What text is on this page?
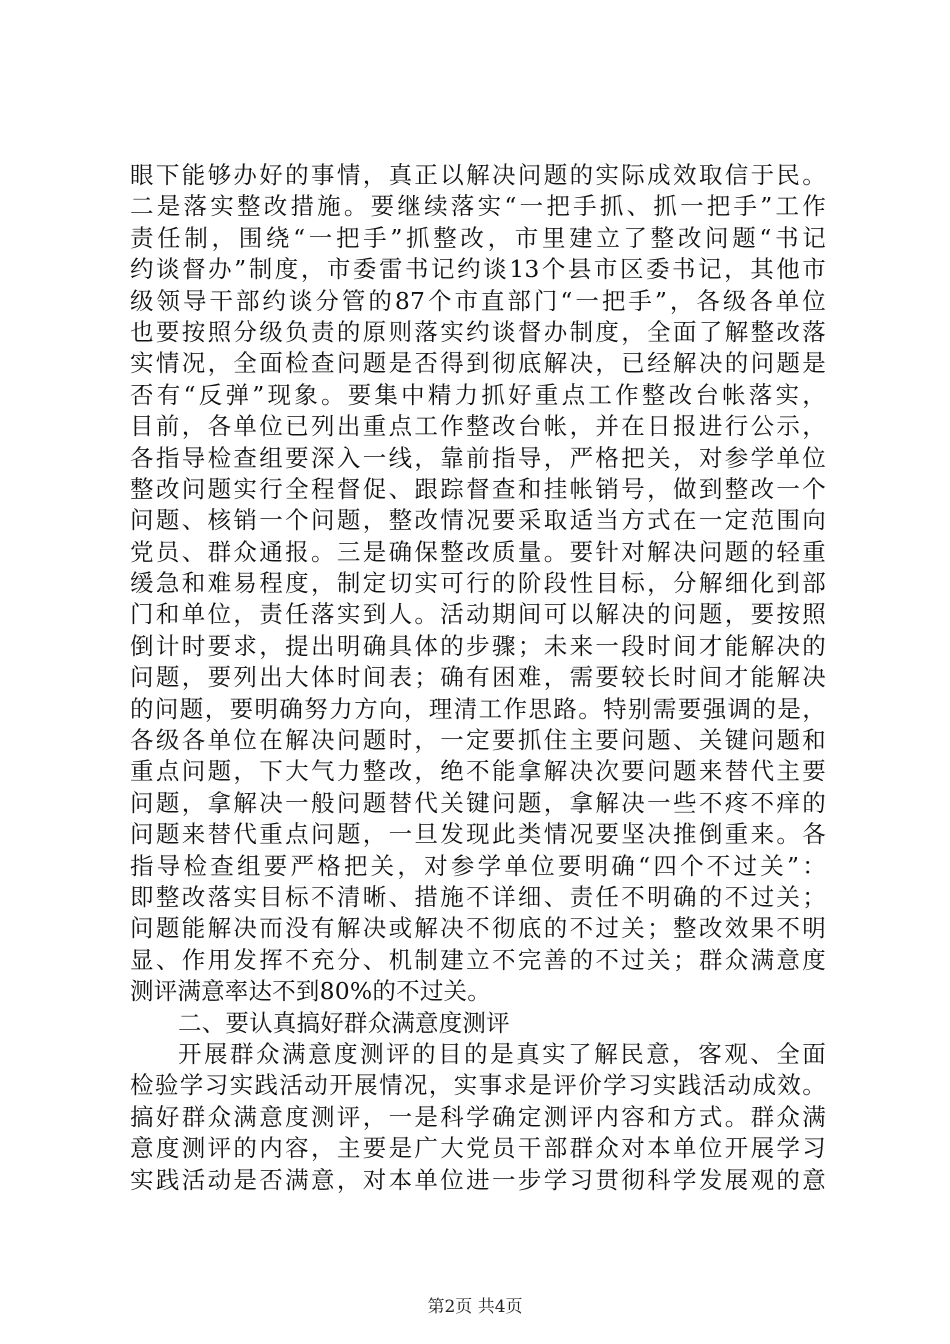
眼下能够办好的事情，真正以解决问题的实际成效取信于民。
二是落实整改措施。要继续落实“一把手抓、抓一把手”工作
责任制，围绕“一把手”抓整改，市里建立了整改问题“书记
约谈督办”制度，市委雷书记约谈13个县市区委书记，其他市
级领导干部约谈分管的87个市直部门“一把手”，各级各单位
也要按照分级负责的原则落实约谈督办制度，全面了解整改落
实情况，全面检查问题是否得到彻底解决，已经解决的问题是
否有“反弹”现象。要集中精力抓好重点工作整改台帐落实，
目前，各单位已列出重点工作整改台帐，并在日报进行公示，
各指导检查组要深入一线，靠前指导，严格把关，对参学单位
整改问题实行全程督促、跟踪督查和挂帐销号，做到整改一个
问题、核销一个问题，整改情况要采取适当方式在一定范围向
党员、群众通报。三是确保整改质量。要针对解决问题的轻重
缓急和难易程度，制定切实可行的阶段性目标，分解细化到部
门和单位，责任落实到人。活动期间可以解决的问题，要按照
倒计时要求，提出明确具体的步骤；未来一段时间才能解决的
问题，要列出大体时间表；确有困难，需要较长时间才能解决
的问题，要明确努力方向，理清工作思路。特别需要强调的是，
各级各单位在解决问题时，一定要抓住主要问题、关键问题和
重点问题，下大气力整改，绝不能拿解决次要问题来替代主要
问题，拿解决一般问题替代关键问题，拿解决一些不疼不痒的
问题来替代重点问题，一旦发现此类情况要坚决推倒重来。各
指导检查组要严格把关，对参学单位要明确“四个不过关”：
即整改落实目标不清晰、措施不详细、责任不明确的不过关；
问题能解决而没有解决或解决不彻底的不过关；整改效果不明
显、作用发挥不充分、机制建立不完善的不过关；群众满意度
测评满意率达不到80%的不过关。
二、要认真搞好群众满意度测评
开展群众满意度测评的目的是真实了解民意，客观、全面
检验学习实践活动开展情况，实事求是评价学习实践活动成效。
搞好群众满意度测评，一是科学确定测评内容和方式。群众满
意度测评的内容，主要是广大党员干部群众对本单位开展学习
实践活动是否满意，对本单位进一步学习贯彻科学发展观的意
第2页 共4页
